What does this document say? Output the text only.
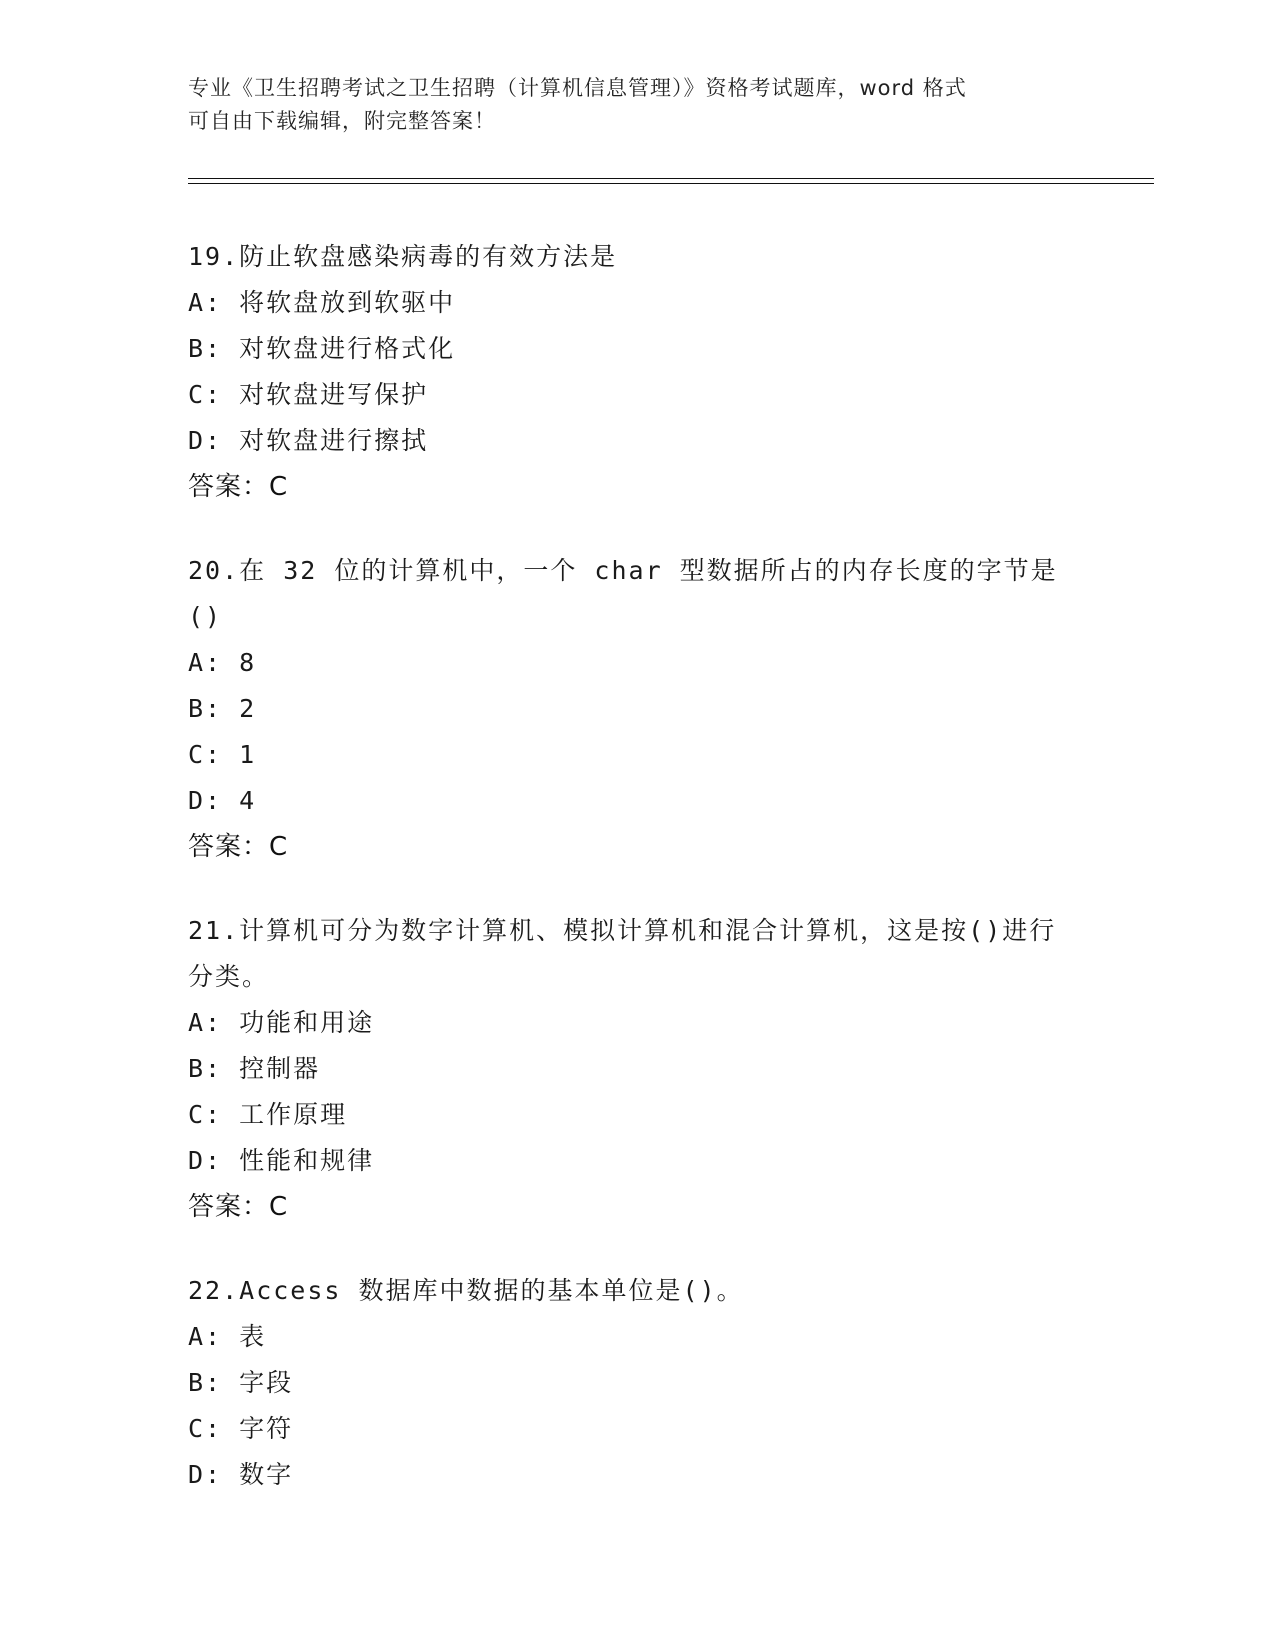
专业《卫生招聘考试之卫生招聘（计算机信息管理）》资格考试题库，word 格式
可自由下载编辑，附完整答案！
19.防止软盘感染病毒的有效方法是
A: 将软盘放到软驱中
B: 对软盘进行格式化
C: 对软盘进写保护
D: 对软盘进行擦拭
答案：C
20.在 32 位的计算机中，一个 char 型数据所占的内存长度的字节是()
A: 8
B: 2
C: 1
D: 4
答案：C
21.计算机可分为数字计算机、模拟计算机和混合计算机，这是按()进行分类。
A: 功能和用途
B: 控制器
C: 工作原理
D: 性能和规律
答案：C
22.Access 数据库中数据的基本单位是()。
A: 表
B: 字段
C: 字符
D: 数字
